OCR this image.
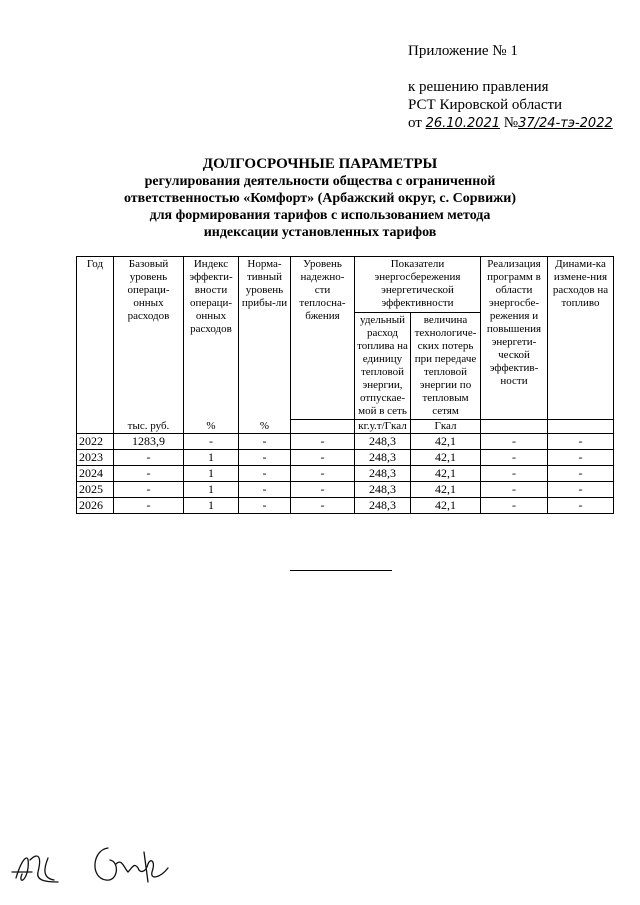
Приложение № 1
к решению правления
РСТ Кировской области
от 26.10.2021 №37/24-тэ-2022
ДОЛГОСРОЧНЫЕ ПАРАМЕТРЫ
регулирования деятельности общества с ограниченной
ответственностью «Комфорт» (Арбажский округ, с. Сорвижи)
для формирования тарифов с использованием метода
индексации установленных тарифов
Год	Базовый уровень операци-онных расходов	Индекс эффекти-вности операци-онных расходов	Норма-тивный уровень прибы-ли	Уровень надежно-сти теплосна-бжения	Показатели энергосбережения энергетической эффективности		Реализация программ в области энергосбе-режения и повышения энергети-ческой эффектив-ности	Динами-ка измене-ния расходов на топливо
					удельный расход топлива на единицу тепловой энергии, отпускае-мой в сеть	величина технологиче-ских потерь при передаче тепловой энергии по тепловым сетям		
	тыс. руб.	%	%		кг.у.т/Гкал	Гкал		
2022	1283,9	-	-	-	248,3	42,1	-	-
2023	-	1	-	-	248,3	42,1	-	-
2024	-	1	-	-	248,3	42,1	-	-
2025	-	1	-	-	248,3	42,1	-	-
2026	-	1	-	-	248,3	42,1	-	-
